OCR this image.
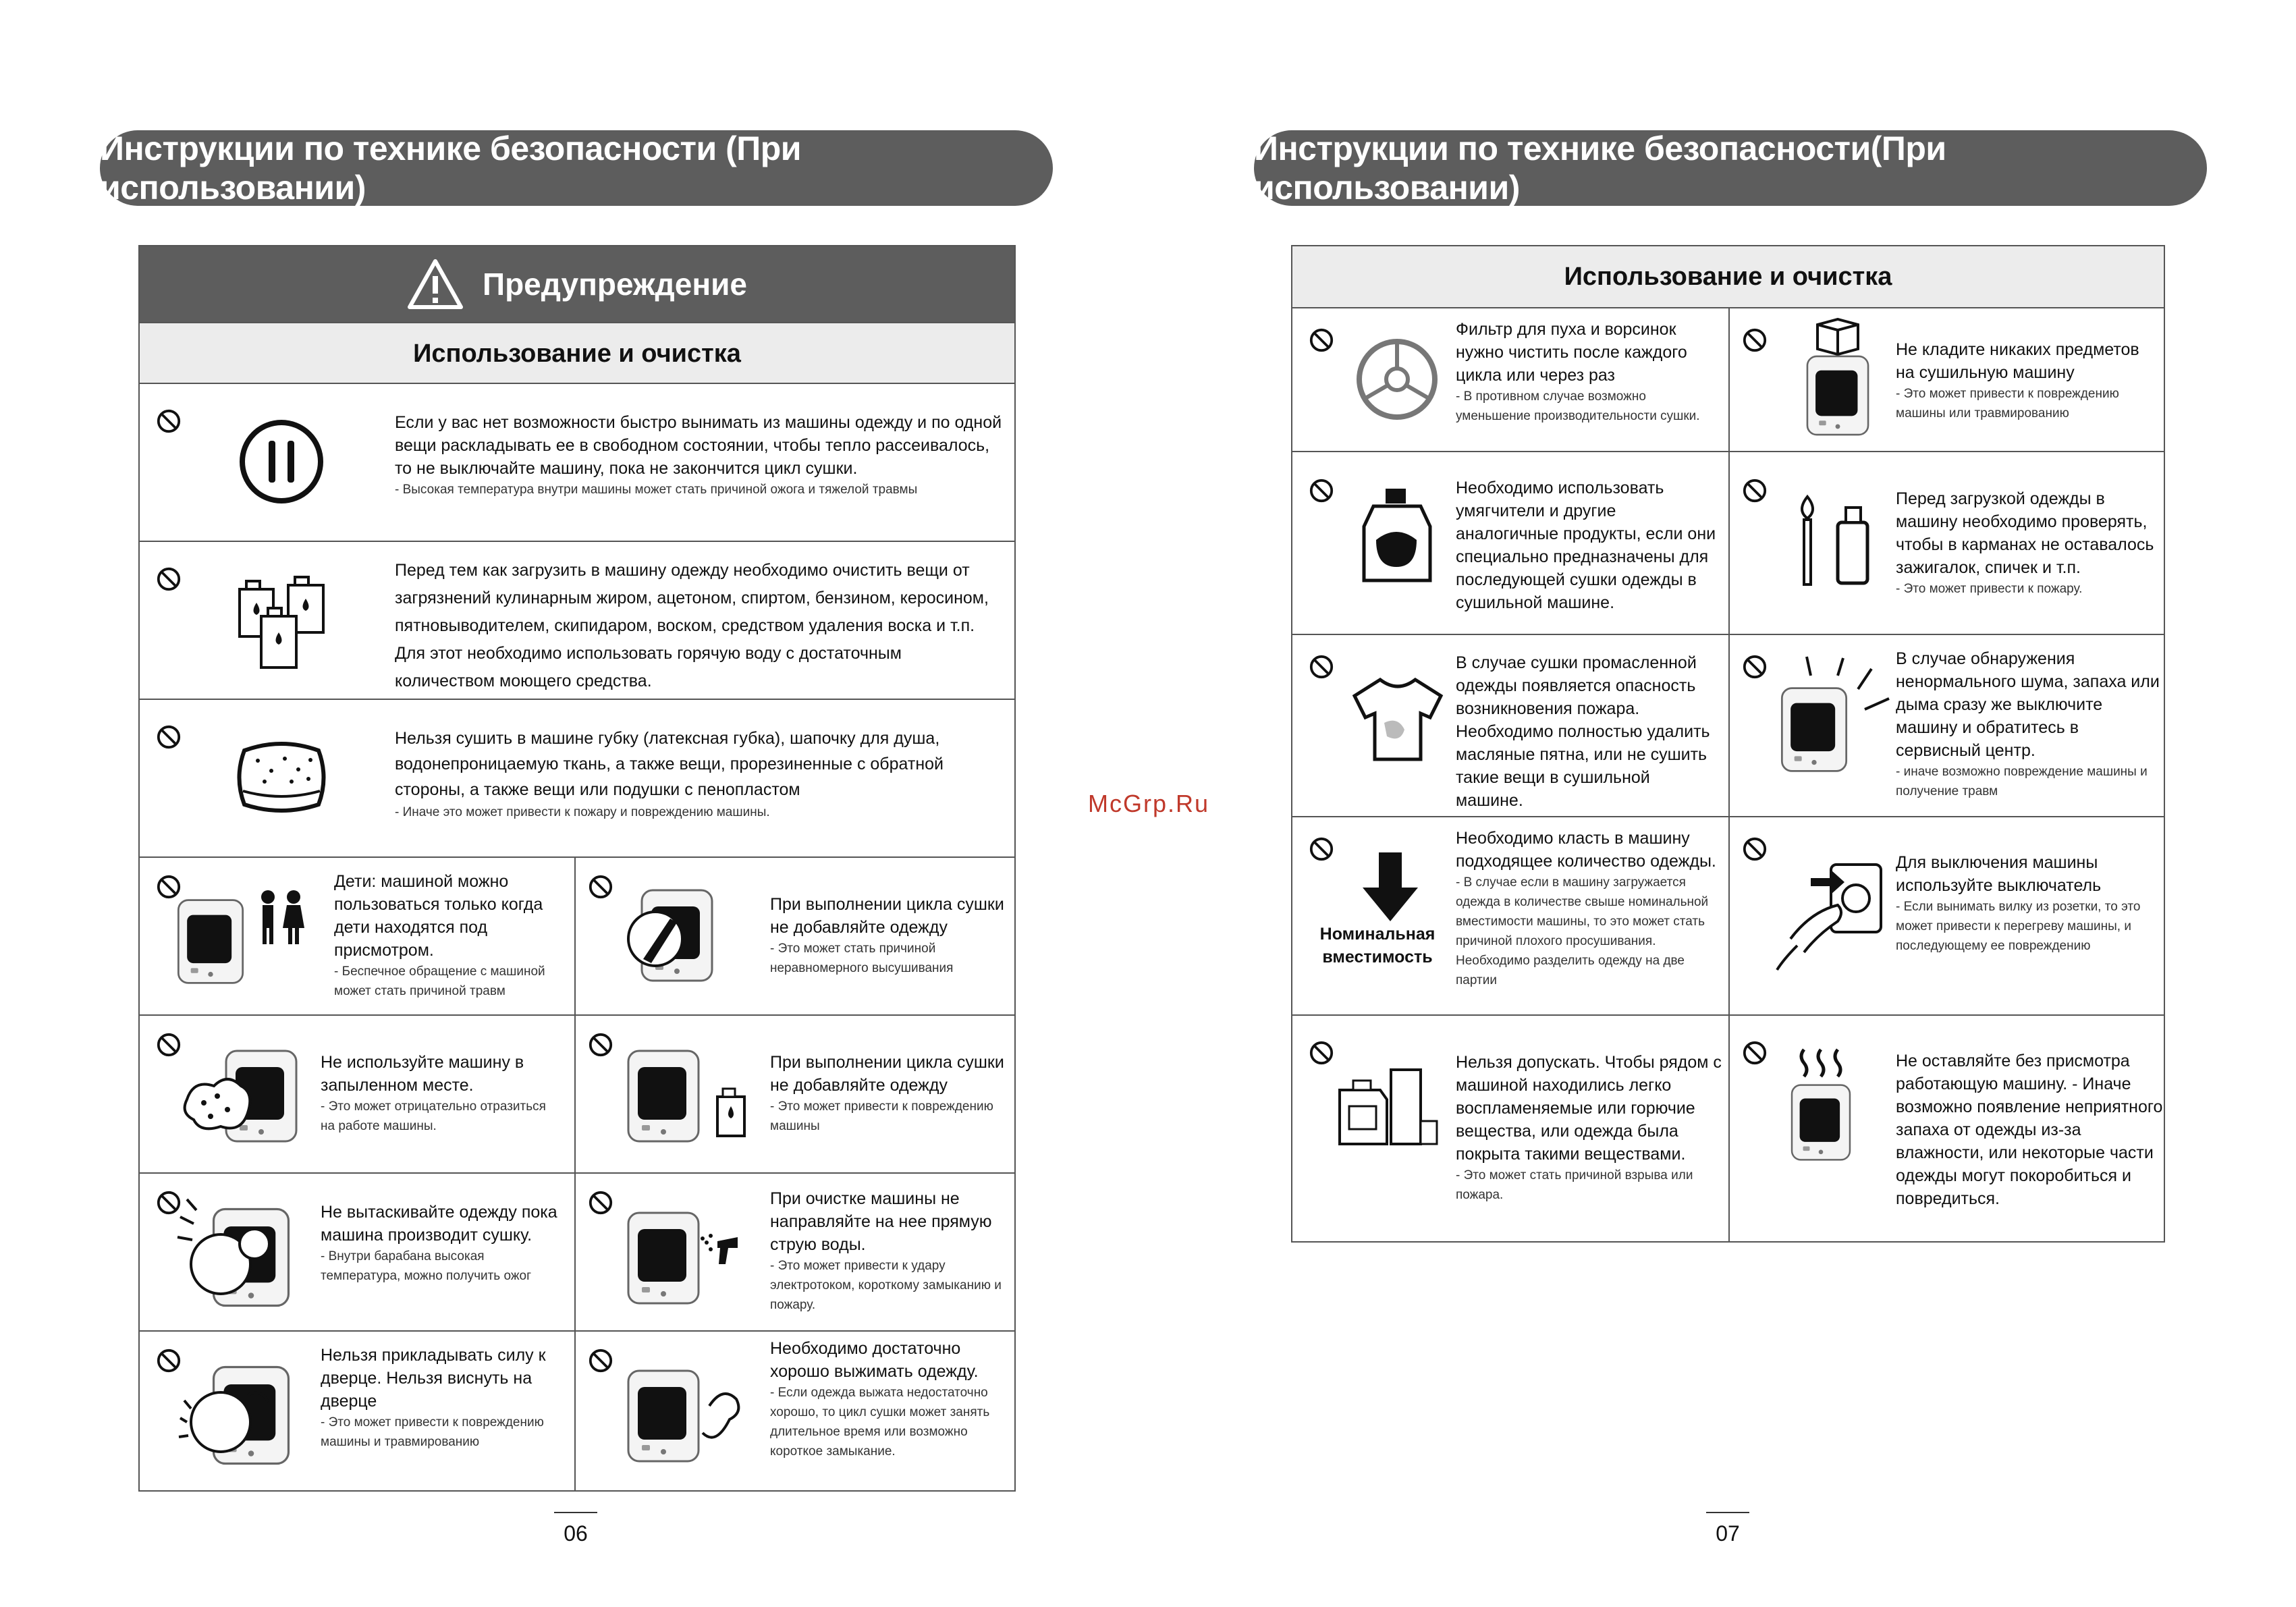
Инструкции по технике безопасности (При использовании)
Предупреждение
Использование и очистка
Если у вас нет возможности быстро вынимать из машины одежду и по одной вещи раскладывать ее в свободном состоянии, чтобы тепло рассеивалось, то не выключайте машину, пока не закончится цикл сушки.
- Высокая температура внутри машины может стать причиной ожога и тяжелой травмы
Перед тем как загрузить в машину одежду необходимо очистить вещи от загрязнений кулинарным жиром, ацетоном, спиртом, бензином, керосином, пятновыводителем, скипидаром, воском, средством удаления воска и т.п. Для этот необходимо использовать горячую воду с достаточным количеством моющего средства.
Нельзя сушить в машине губку (латексная губка), шапочку для душа, водонепроницаемую ткань, а также вещи, прорезиненные с обратной стороны, а также вещи или подушки с пенопластом
- Иначе это может привести к пожару и повреждению машины.
Дети: машиной можно пользоваться только когда дети находятся под присмотром.
- Беспечное обращение с машиной может стать причиной травм
При выполнении цикла сушки не добавляйте одежду
- Это может стать причиной неравномерного высушивания
Не используйте машину в запыленном месте.
- Это может отрицательно отразиться на работе машины.
При выполнении цикла сушки не добавляйте одежду
- Это может привести к повреждению машины
Не вытаскивайте одежду пока машина производит сушку.
- Внутри барабана высокая температура, можно получить ожог
При очистке машины не направляйте на нее прямую струю воды.
- Это может привести к удару электротоком, короткому замыканию и пожару.
Нельзя прикладывать силу к дверце. Нельзя виснуть на дверце
- Это может привести к повреждению машины и травмированию
Необходимо достаточно хорошо выжимать одежду.
- Если одежда выжата недостаточно хорошо, то цикл сушки может занять длительное время или возможно короткое замыкание.
06
McGrp.Ru
Инструкции по технике безопасности(При использовании)
Использование и очистка
Фильтр для пуха и ворсинок нужно чистить после каждого цикла или через раз
- В противном случае возможно уменьшение производительности сушки.
Не кладите никаких предметов на сушильную машину
- Это может привести к повреждению машины или травмированию
Необходимо использовать умягчители и другие аналогичные продукты, если они специально предназначены для последующей сушки одежды в сушильной машине.
Перед загрузкой одежды в машину необходимо проверять, чтобы в карманах не оставалось зажигалок, спичек и т.п.
- Это может привести к пожару.
В случае сушки промасленной одежды появляется опасность возникновения пожара. Необходимо полностью удалить масляные пятна, или не сушить такие вещи в сушильной машине.
В случае обнаружения ненормального шума, запаха или дыма сразу же выключите машину и обратитесь в сервисный центр.
- иначе возможно повреждение машины и получение травм
Номинальная вместимость
Необходимо класть в машину подходящее количество одежды.
- В случае если в машину загружается одежда в количестве свыше номинальной вместимости машины, то это может стать причиной плохого просушивания. Необходимо разделить одежду на две партии
Для выключения машины используйте выключатель
- Если вынимать вилку из розетки, то это может привести к перегреву машины, и последующему ее повреждению
Нельзя допускать. Чтобы рядом с машиной находились легко воспламеняемые или горючие вещества, или одежда была покрыта такими веществами.
- Это может стать причиной взрыва или пожара.
Не оставляйте без присмотра работающую машину. - Иначе возможно появление неприятного запаха от одежды из-за влажности, или некоторые части одежды могут покоробиться и повредиться.
07
